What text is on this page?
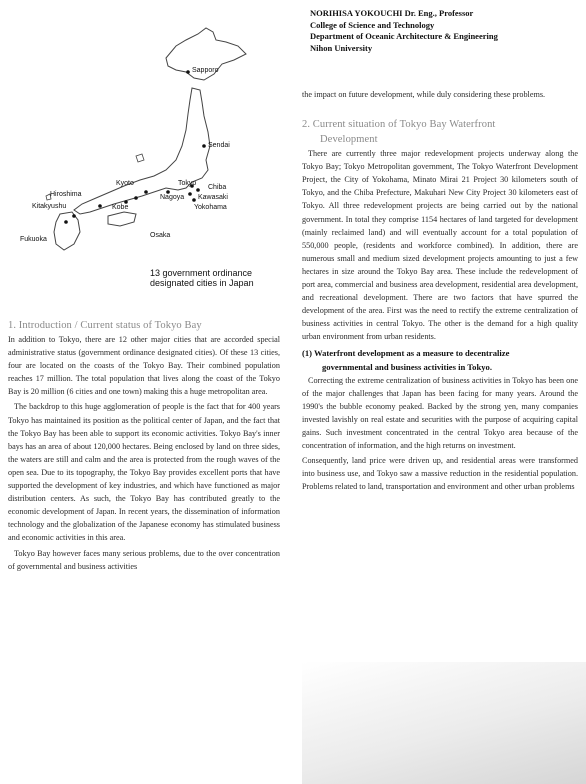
Sapporo
Sendai
Kyoto	Tokyo
Chiba
Hiroshima	Nagoya Kawasaki
Kobe
Kitakyushu	Yokohama
Fukuoka
Osaka
13 government ordinance
designated cities in Japan

1. Introduction / Current status of Tokyo Bay

In addition to Tokyo, there are 12 other major cities that are accorded special administrative status (government ordinance designated cities). Of these 13 cities, four are located on the coasts of the Tokyo Bay. Their combined population reaches 17 million. The total population that lives along the coast of the Tokyo Bay is 20 million (6 cities and one town) making this a huge metropolitan area.

The backdrop to this huge agglomeration of people is the fact that for 400 years Tokyo has maintained its position as the political center of Japan, and the fact that the Tokyo Bay has been able to support its economic activities. Tokyo Bay's inner bays has an area of about 120,000 hectares. Being enclosed by land on three sides, the waters are still and calm and the area is protected from the rough waves of the open sea. Due to its topography, the Tokyo Bay provides excellent ports that have supported the development of key industries, and which have functioned as major distribution centers. As such, the Tokyo Bay has contributed greatly to the economic development of Japan. In recent years, the dissemination of information technology and the globalization of the Japanese economy has stimulated business and economic activities in this area.

Tokyo Bay however faces many serious problems, due to the over concentration of governmental and business activities

NORIHISA YOKOUCHI Dr. Eng., Professor
College of Science and Technology
Department of Oceanic Architecture & Engineering
Nihon University

the impact on future development, while duly considering these problems.

2. Current situation of Tokyo Bay Waterfront
Development

There are currently three major redevelopment projects underway along the Tokyo Bay; Tokyo Metropolitan government, The Tokyo Waterfront Development Project, the City of Yokohama, Minato Mirai 21 Project 30 kilometers south of Tokyo, and the Chiba Prefecture, Makuhari New City Project 30 kilometers east of Tokyo. All three redevelopment projects are being carried out by the national government. In total they comprise 1154 hectares of land targeted for development (mainly reclaimed land) and will eventually account for a total population of 550,000 people, (residents and workforce combined). In addition, there are numerous small and medium sized development projects amounting to just a few hectares in size around the Tokyo Bay area. These include the redevelopment of port area, commercial and business area development, residential area development, and recreational development. There are two factors that have spurred the development of the area. First was the need to rectify the extreme centralization of business activities in central Tokyo. The other is the demand for a high quality urban environment from urban residents.

(1) Waterfront development as a measure to decentralize
governmental and business activities in Tokyo.

Correcting the extreme centralization of business activities in Tokyo has been one of the major challenges that Japan has been facing for many years. Around the 1990's the bubble economy peaked. Backed by the strong yen, many companies invested lavishly on real estate and securities with the purpose of acquiring capital gains. Such investment concentrated in the central Tokyo area because of the concentration of information, and the high returns on investment.

Consequently, land price were driven up, and residential areas were transformed into business use, and Tokyo saw a massive reduction in the residential population. Problems related to land, transportation and environment and other urban problems
